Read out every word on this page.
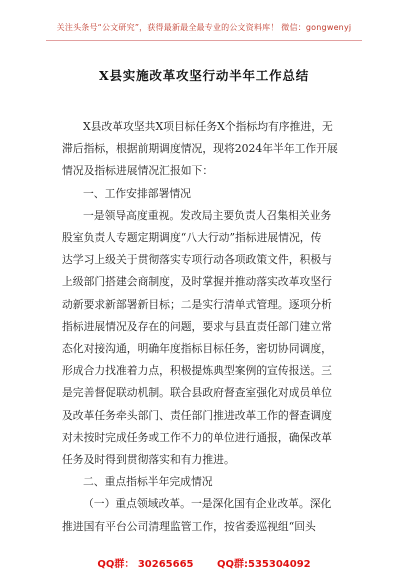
关注头条号“公文研究”，获得最新最全最专业的公文资料库！ 微信：gongwenyj
X县实施改革攻坚行动半年工作总结

X县改革攻坚共X项目标任务X个指标均有序推进，无

滞后指标，根据前期调度情况，现将2024年半年工作开展

情况及指标进展情况汇报如下：

一、工作安排部署情况

一是领导高度重视。发改局主要负责人召集相关业务

股室负责人专题定期调度“八大行动”指标进展情况，传

达学习上级关于贯彻落实专项行动各项政策文件，积极与

上级部门搭建会商制度，及时掌握并推动落实改革攻坚行

动新要求新部署新目标；二是实行清单式管理。逐项分析

指标进展情况及存在的问题，要求与县直责任部门建立常

态化对接沟通，明确年度指标目标任务，密切协同调度，

形成合力找准着力点，积极提炼典型案例的宣传报送。三

是完善督促联动机制。联合县政府督查室强化对成员单位

及改革任务牵头部门、责任部门推进改革工作的督查调度

对未按时完成任务或工作不力的单位进行通报，确保改革

任务及时得到贯彻落实和有力推进。

二、重点指标半年完成情况

（一）重点领域改革。一是深化国有企业改革。深化

推进国有平台公司清理监管工作，按省委巡视组“回头

QQ群： 30265665 QQ群:535304092
